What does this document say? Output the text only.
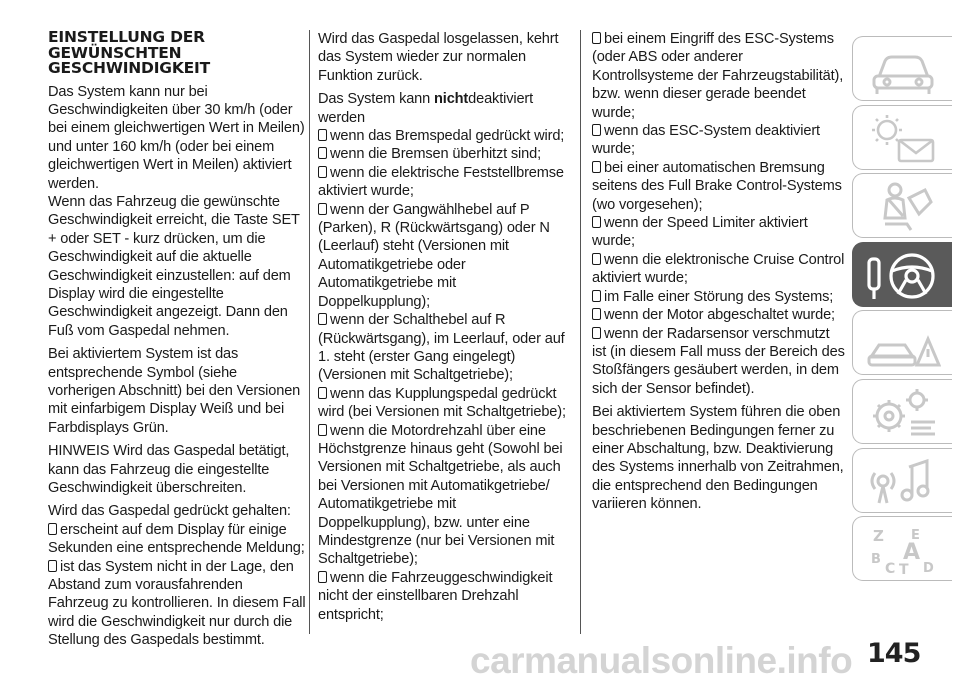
EINSTELLUNG DER
GEWÜNSCHTEN
GESCHWINDIGKEIT

Das System kann nur bei Geschwindigkeiten über 30 km/h (oder bei einem gleichwertigen Wert in Meilen) und unter 160 km/h (oder bei einem gleichwertigen Wert in Meilen) aktiviert werden.

Wenn das Fahrzeug die gewünschte Geschwindigkeit erreicht, die Taste SET + oder SET - kurz drücken, um die Geschwindigkeit auf die aktuelle Geschwindigkeit einzustellen: auf dem Display wird die eingestellte Geschwindigkeit angezeigt. Dann den Fuß vom Gaspedal nehmen.

Bei aktiviertem System ist das entsprechende Symbol (siehe vorherigen Abschnitt) bei den Versionen mit einfarbigem Display Weiß und bei Farbdisplays Grün.

HINWEIS Wird das Gaspedal betätigt, kann das Fahrzeug die eingestellte Geschwindigkeit überschreiten.

Wird das Gaspedal gedrückt gehalten:

erscheint auf dem Display für einige Sekunden eine entsprechende Meldung;
ist das System nicht in der Lage, den Abstand zum vorausfahrenden Fahrzeug zu kontrollieren. In diesem Fall wird die Geschwindigkeit nur durch die Stellung des Gaspedals bestimmt.

Wird das Gaspedal losgelassen, kehrt das System wieder zur normalen Funktion zurück.

Das System kann nichtdeaktiviert werden

wenn das Bremspedal gedrückt wird;
wenn die Bremsen überhitzt sind;
wenn die elektrische Feststellbremse aktiviert wurde;
wenn der Gangwählhebel auf P (Parken), R (Rückwärtsgang) oder N (Leerlauf) steht (Versionen mit Automatikgetriebe oder Automatikgetriebe mit Doppelkupplung);
wenn der Schalthebel auf R (Rückwärtsgang), im Leerlauf, oder auf 1. steht (erster Gang eingelegt) (Versionen mit Schaltgetriebe);
wenn das Kupplungspedal gedrückt wird (bei Versionen mit Schaltgetriebe);
wenn die Motordrehzahl über eine Höchstgrenze hinaus geht (Sowohl bei Versionen mit Schaltgetriebe, als auch bei Versionen mit Automatikgetriebe/ Automatikgetriebe mit Doppelkupplung), bzw. unter eine Mindestgrenze (nur bei Versionen mit Schaltgetriebe);
wenn die Fahrzeuggeschwindigkeit nicht der einstellbaren Drehzahl entspricht;
bei einem Eingriff des ESC-Systems (oder ABS oder anderer Kontrollsysteme der Fahrzeugstabilität), bzw. wenn dieser gerade beendet wurde;
wenn das ESC-System deaktiviert wurde;
bei einer automatischen Bremsung seitens des Full Brake Control-Systems (wo vorgesehen);
wenn der Speed Limiter aktiviert wurde;
wenn die elektronische Cruise Control aktiviert wurde;
im Falle einer Störung des Systems;
wenn der Motor abgeschaltet wurde;
wenn der Radarsensor verschmutzt ist (in diesem Fall muss der Bereich des Stoßfängers gesäubert werden, in dem sich der Sensor befindet).

Bei aktiviertem System führen die oben beschriebenen Bedingungen ferner zu einer Abschaltung, bzw. Deaktivierung des Systems innerhalb von Zeitrahmen, die entsprechend den Bedingungen variieren können.

Z E
B A
C T D
145
carmanualsonline.info
